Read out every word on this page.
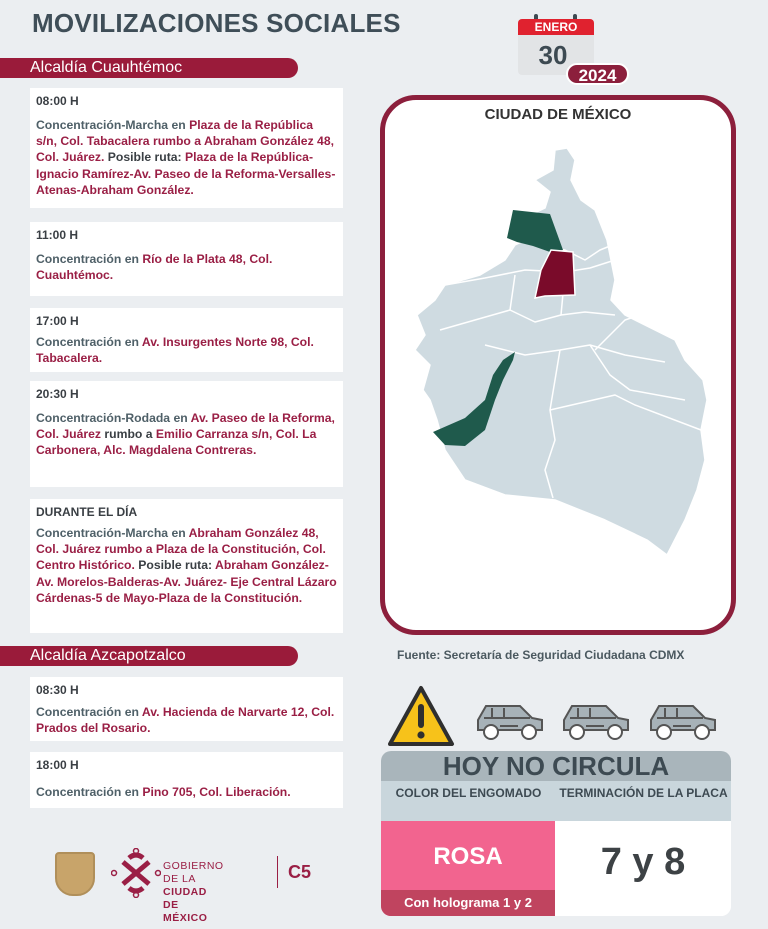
MOVILIZACIONES SOCIALES	ENERO
30
2024
Alcaldía Cuauhtémoc
08:00 H
Concentración-Marcha en Plaza de la República s/n, Col. Tabacalera rumbo a Abraham González 48, Col. Juárez. Posible ruta: Plaza de la República-Ignacio Ramírez-Av. Paseo de la Reforma-Versalles-Atenas-Abraham González.
11:00 H
Concentración en Río de la Plata 48, Col. Cuauhtémoc.
17:00 H
Concentración en Av. Insurgentes Norte 98, Col. Tabacalera.
20:30 H
Concentración-Rodada en Av. Paseo de la Reforma, Col. Juárez rumbo a Emilio Carranza s/n, Col. La Carbonera, Alc. Magdalena Contreras.
DURANTE EL DÍA
Concentración-Marcha en Abraham González 48, Col. Juárez rumbo a Plaza de la Constitución, Col. Centro Histórico. Posible ruta: Abraham González-Av. Morelos-Balderas-Av. Juárez- Eje Central Lázaro Cárdenas-5 de Mayo-Plaza de la Constitución.
Alcaldía Azcapotzalco
08:30 H
Concentración en Av. Hacienda de Narvarte 12, Col. Prados del Rosario.
18:00 H
Concentración en Pino 705, Col. Liberación.
CIUDAD DE MÉXICO
Fuente: Secretaría de Seguridad Ciudadana CDMX
HOY NO CIRCULA
COLOR DEL ENGOMADO	TERMINACIÓN DE LA PLACA
ROSA
Con holograma 1 y 2
7 y 8
GOBIERNO DE LA
CIUDAD DE MÉXICO
C5
